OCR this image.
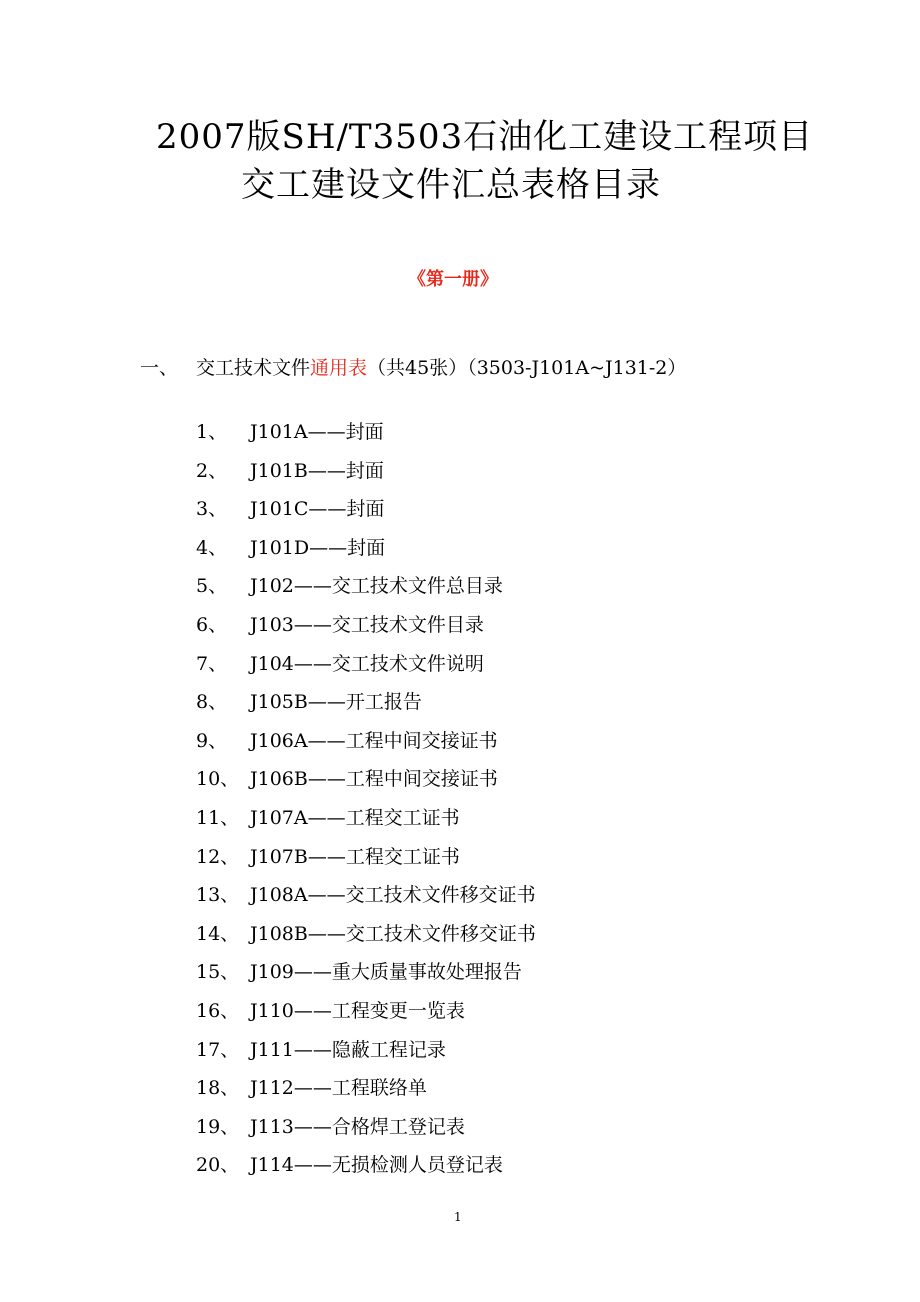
2007版SH/T3503石油化工建设工程项目
交工建设文件汇总表格目录
《第一册》
一、 交工技术文件通用表（共45张）（3503-J101A~J131-2）
1、 J101A——封面
2、 J101B——封面
3、 J101C——封面
4、 J101D——封面
5、 J102——交工技术文件总目录
6、 J103——交工技术文件目录
7、 J104——交工技术文件说明
8、 J105B——开工报告
9、 J106A——工程中间交接证书
10、 J106B——工程中间交接证书
11、 J107A——工程交工证书
12、 J107B——工程交工证书
13、 J108A——交工技术文件移交证书
14、 J108B——交工技术文件移交证书
15、 J109——重大质量事故处理报告
16、 J110——工程变更一览表
17、 J111——隐蔽工程记录
18、 J112——工程联络单
19、 J113——合格焊工登记表
20、 J114——无损检测人员登记表
1
